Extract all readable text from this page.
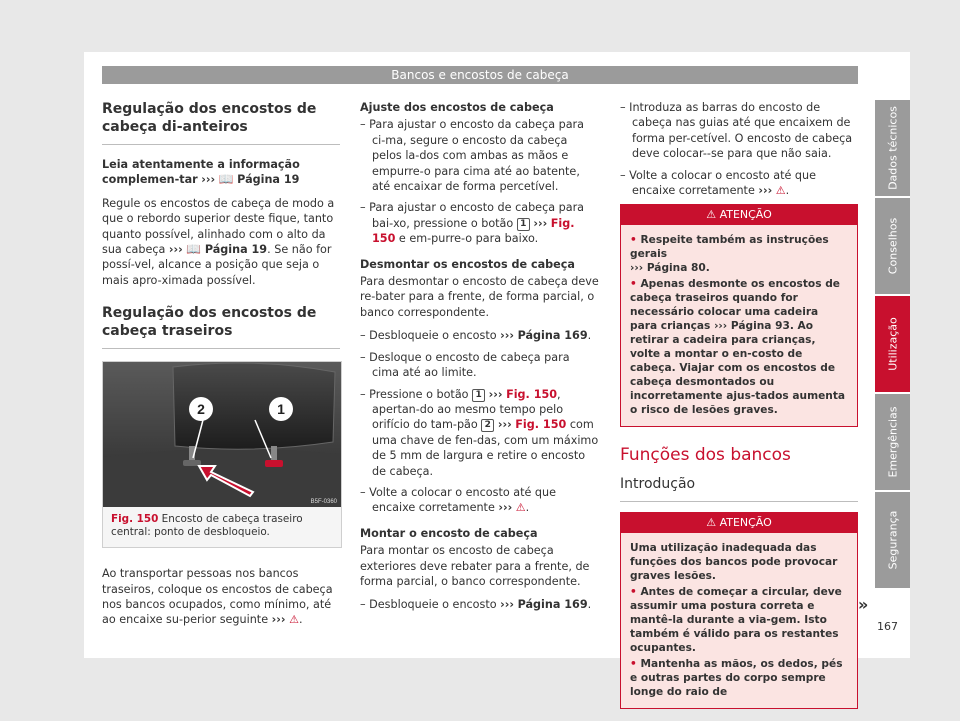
Bancos e encostos de cabeça
Regulação dos encostos de cabeça di-anteiros

Leia atentamente a informação complemen-tar ››› 📖 Página 19

Regule os encostos de cabeça de modo a que o rebordo superior deste fique, tanto quanto possível, alinhado com o alto da sua cabeça ››› 📖 Página 19. Se não for possí-vel, alcance a posição que seja o mais apro-ximada possível.

Regulação dos encostos de cabeça traseiros
1
2
B5F-0360
Fig. 150 Encosto de cabeça traseiro central: ponto de desbloqueio.

Ao transportar pessoas nos bancos traseiros, coloque os encostos de cabeça nos bancos ocupados, como mínimo, até ao encaixe su-perior seguinte ››› ⚠.

Ajuste dos encostos de cabeça

– Para ajustar o encosto da cabeça para ci-ma, segure o encosto da cabeça pelos la-dos com ambas as mãos e empurre-o para cima até ao batente, até encaixar de forma percetível.

– Para ajustar o encosto de cabeça para bai-xo, pressione o botão 1 ››› Fig. 150 e em-purre-o para baixo.

Desmontar os encostos de cabeça

Para desmontar o encosto de cabeça deve re-bater para a frente, de forma parcial, o banco correspondente.

– Desbloqueie o encosto ››› Página 169.

– Desloque o encosto de cabeça para cima até ao limite.

– Pressione o botão 1 ››› Fig. 150, apertan-do ao mesmo tempo pelo orifício do tam-pão 2 ››› Fig. 150 com uma chave de fen-das, com um máximo de 5 mm de largura e retire o encosto de cabeça.

– Volte a colocar o encosto até que encaixe corretamente ››› ⚠.

Montar o encosto de cabeça

Para montar os encosto de cabeça exteriores deve rebater para a frente, de forma parcial, o banco correspondente.

– Desbloqueie o encosto ››› Página 169.

– Introduza as barras do encosto de cabeça nas guias até que encaixem de forma per-cetível. O encosto de cabeça deve colocar--se para que não saia.

– Volte a colocar o encosto até que encaixe corretamente ››› ⚠.

⚠ ATENÇÃO
• Respeite também as instruções gerais
››› Página 80.
• Apenas desmonte os encostos de cabeça traseiros quando for necessário colocar uma cadeira para crianças ››› Página 93. Ao retirar a cadeira para crianças, volte a montar o en-costo de cabeça. Viajar com os encostos de cabeça desmontados ou incorretamente ajus-tados aumenta o risco de lesões graves.
Funções dos bancos
Introdução
⚠ ATENÇÃO
Uma utilização inadequada das funções dos bancos pode provocar graves lesões.
• Antes de começar a circular, deve assumir uma postura correta e mantê-la durante a via-gem. Isto também é válido para os restantes ocupantes.
• Mantenha as mãos, os dedos, pés e outras partes do corpo sempre longe do raio de
»
Dados técnicos
Conselhos
Utilização
Emergências
Segurança
167
